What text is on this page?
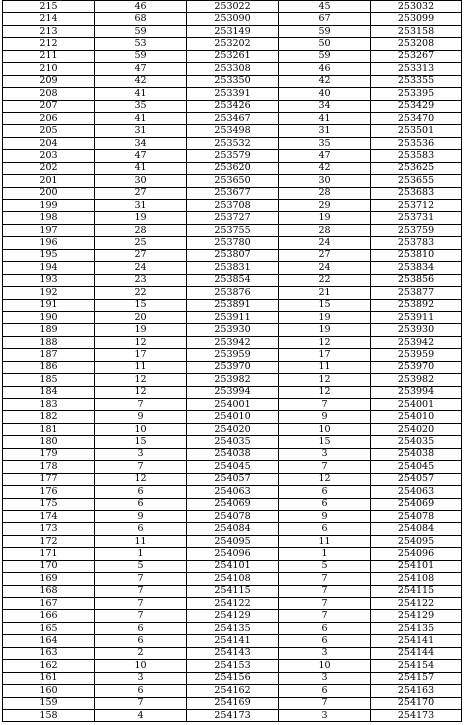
215	46	253022	45	253032
214	68	253090	67	253099
213	59	253149	59	253158
212	53	253202	50	253208
211	59	253261	59	253267
210	47	253308	46	253313
209	42	253350	42	253355
208	41	253391	40	253395
207	35	253426	34	253429
206	41	253467	41	253470
205	31	253498	31	253501
204	34	253532	35	253536
203	47	253579	47	253583
202	41	253620	42	253625
201	30	253650	30	253655
200	27	253677	28	253683
199	31	253708	29	253712
198	19	253727	19	253731
197	28	253755	28	253759
196	25	253780	24	253783
195	27	253807	27	253810
194	24	253831	24	253834
193	23	253854	22	253856
192	22	253876	21	253877
191	15	253891	15	253892
190	20	253911	19	253911
189	19	253930	19	253930
188	12	253942	12	253942
187	17	253959	17	253959
186	11	253970	11	253970
185	12	253982	12	253982
184	12	253994	12	253994
183	7	254001	7	254001
182	9	254010	9	254010
181	10	254020	10	254020
180	15	254035	15	254035
179	3	254038	3	254038
178	7	254045	7	254045
177	12	254057	12	254057
176	6	254063	6	254063
175	6	254069	6	254069
174	9	254078	9	254078
173	6	254084	6	254084
172	11	254095	11	254095
171	1	254096	1	254096
170	5	254101	5	254101
169	7	254108	7	254108
168	7	254115	7	254115
167	7	254122	7	254122
166	7	254129	7	254129
165	6	254135	6	254135
164	6	254141	6	254141
163	2	254143	3	254144
162	10	254153	10	254154
161	3	254156	3	254157
160	6	254162	6	254163
159	7	254169	7	254170
158	4	254173	3	254173
